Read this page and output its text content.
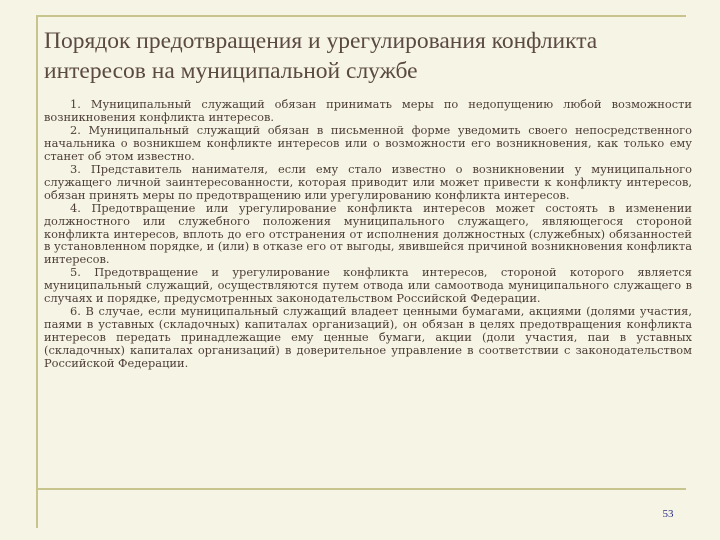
Порядок предотвращения и урегулирования конфликта интересов на муниципальной службе

1. Муниципальный служащий обязан принимать меры по недопущению любой возможности возникновения конфликта интересов.

2. Муниципальный служащий обязан в письменной форме уведомить своего непосредственного начальника о возникшем конфликте интересов или о возможности его возникновения, как только ему станет об этом известно.

3. Представитель нанимателя, если ему стало известно о возникновении у муниципального служащего личной заинтересованности, которая приводит или может привести к конфликту интересов, обязан принять меры по предотвращению или урегулированию конфликта интересов.

4. Предотвращение или урегулирование конфликта интересов может состоять в изменении должностного или служебного положения муниципального служащего, являющегося стороной конфликта интересов, вплоть до его отстранения от исполнения должностных (служебных) обязанностей в установленном порядке, и (или) в отказе его от выгоды, явившейся причиной возникновения конфликта интересов.

5. Предотвращение и урегулирование конфликта интересов, стороной которого является муниципальный служащий, осуществляются путем отвода или самоотвода муниципального служащего в случаях и порядке, предусмотренных законодательством Российской Федерации.

6. В случае, если муниципальный служащий владеет ценными бумагами, акциями (долями участия, паями в уставных (складочных) капиталах организаций), он обязан в целях предотвращения конфликта интересов передать принадлежащие ему ценные бумаги, акции (доли участия, паи в уставных (складочных) капиталах организаций) в доверительное управление в соответствии с законодательством Российской Федерации.

53
